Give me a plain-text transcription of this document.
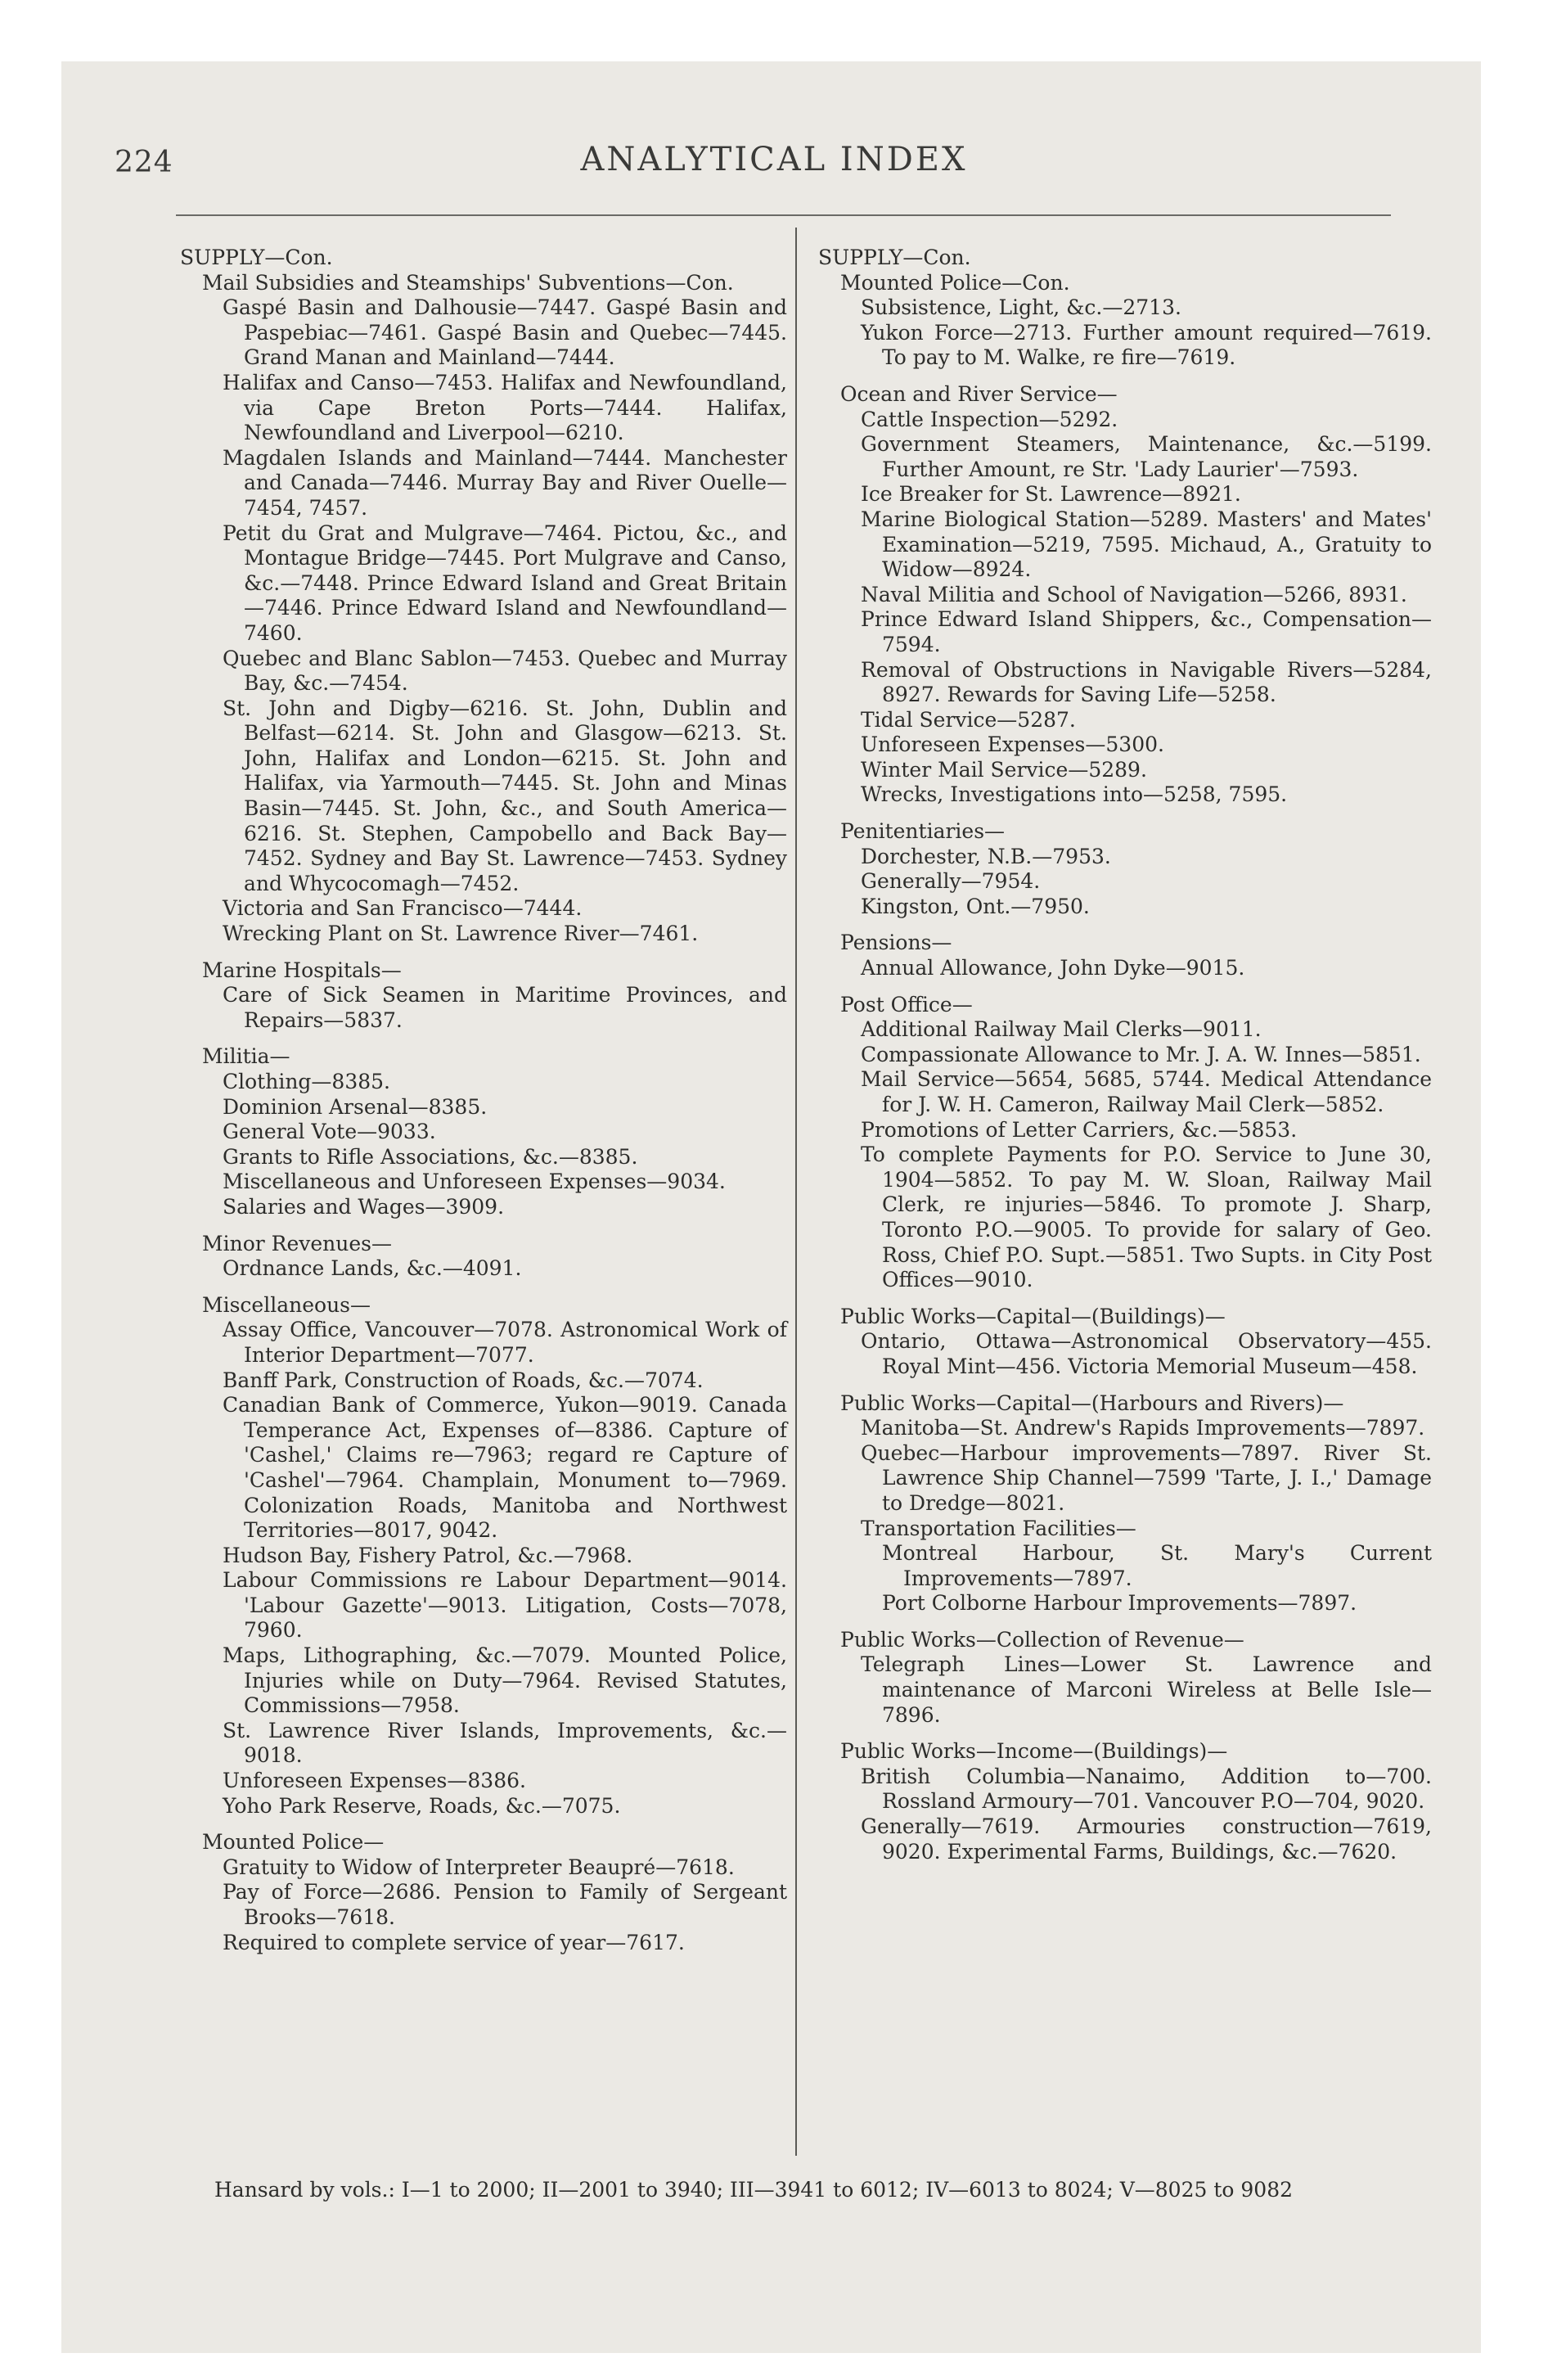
224	ANALYTICAL INDEX
SUPPLY—Con.
Mail Subsidies and Steamships' Subventions—Con.
Gaspé Basin and Dalhousie—7447. Gaspé Basin and Paspebiac—7461. Gaspé Basin and Quebec—7445. Grand Manan and Mainland—7444.
Halifax and Canso—7453. Halifax and Newfoundland, via Cape Breton Ports—7444. Halifax, Newfoundland and Liverpool—6210.
Magdalen Islands and Mainland—7444. Manchester and Canada—7446. Murray Bay and River Ouelle—7454, 7457.
Petit du Grat and Mulgrave—7464. Pictou, &c., and Montague Bridge—7445. Port Mulgrave and Canso, &c.—7448. Prince Edward Island and Great Britain—7446. Prince Edward Island and Newfoundland—7460.
Quebec and Blanc Sablon—7453. Quebec and Murray Bay, &c.—7454.
St. John and Digby—6216. St. John, Dublin and Belfast—6214. St. John and Glasgow—6213. St. John, Halifax and London—6215. St. John and Halifax, via Yarmouth—7445. St. John and Minas Basin—7445. St. John, &c., and South America—6216. St. Stephen, Campobello and Back Bay—7452. Sydney and Bay St. Lawrence—7453. Sydney and Whycocomagh—7452.
Victoria and San Francisco—7444.
Wrecking Plant on St. Lawrence River—7461.
Marine Hospitals—
Care of Sick Seamen in Maritime Provinces, and Repairs—5837.
Militia—
Clothing—8385.
Dominion Arsenal—8385.
General Vote—9033.
Grants to Rifle Associations, &c.—8385.
Miscellaneous and Unforeseen Expenses—9034.
Salaries and Wages—3909.
Minor Revenues—
Ordnance Lands, &c.—4091.
Miscellaneous—
Assay Office, Vancouver—7078. Astronomical Work of Interior Department—7077.
Banff Park, Construction of Roads, &c.—7074.
Canadian Bank of Commerce, Yukon—9019. Canada Temperance Act, Expenses of—8386. Capture of 'Cashel,' Claims re—7963; regard re Capture of 'Cashel'—7964. Champlain, Monument to—7969. Colonization Roads, Manitoba and Northwest Territories—8017, 9042.
Hudson Bay, Fishery Patrol, &c.—7968.
Labour Commissions re Labour Department—9014. 'Labour Gazette'—9013. Litigation, Costs—7078, 7960.
Maps, Lithographing, &c.—7079. Mounted Police, Injuries while on Duty—7964. Revised Statutes, Commissions—7958.
St. Lawrence River Islands, Improvements, &c.—9018.
Unforeseen Expenses—8386.
Yoho Park Reserve, Roads, &c.—7075.
Mounted Police—
Gratuity to Widow of Interpreter Beaupré—7618.
Pay of Force—2686. Pension to Family of Sergeant Brooks—7618.
Required to complete service of year—7617.
SUPPLY—Con.
Mounted Police—Con.
Subsistence, Light, &c.—2713.
Yukon Force—2713. Further amount required—7619. To pay to M. Walke, re fire—7619.
Ocean and River Service—
Cattle Inspection—5292.
Government Steamers, Maintenance, &c.—5199. Further Amount, re Str. 'Lady Laurier'—7593.
Ice Breaker for St. Lawrence—8921.
Marine Biological Station—5289. Masters' and Mates' Examination—5219, 7595. Michaud, A., Gratuity to Widow—8924.
Naval Militia and School of Navigation—5266, 8931.
Prince Edward Island Shippers, &c., Compensation—7594.
Removal of Obstructions in Navigable Rivers—5284, 8927. Rewards for Saving Life—5258.
Tidal Service—5287.
Unforeseen Expenses—5300.
Winter Mail Service—5289.
Wrecks, Investigations into—5258, 7595.
Penitentiaries—
Dorchester, N.B.—7953.
Generally—7954.
Kingston, Ont.—7950.
Pensions—
Annual Allowance, John Dyke—9015.
Post Office—
Additional Railway Mail Clerks—9011.
Compassionate Allowance to Mr. J. A. W. Innes—5851.
Mail Service—5654, 5685, 5744. Medical Attendance for J. W. H. Cameron, Railway Mail Clerk—5852.
Promotions of Letter Carriers, &c.—5853.
To complete Payments for P.O. Service to June 30, 1904—5852. To pay M. W. Sloan, Railway Mail Clerk, re injuries—5846. To promote J. Sharp, Toronto P.O.—9005. To provide for salary of Geo. Ross, Chief P.O. Supt.—5851. Two Supts. in City Post Offices—9010.
Public Works—Capital—(Buildings)—
Ontario, Ottawa—Astronomical Observatory—455. Royal Mint—456. Victoria Memorial Museum—458.
Public Works—Capital—(Harbours and Rivers)—
Manitoba—St. Andrew's Rapids Improvements—7897.
Quebec—Harbour improvements—7897. River St. Lawrence Ship Channel—7599 'Tarte, J. I.,' Damage to Dredge—8021.
Transportation Facilities—
Montreal Harbour, St. Mary's Current Improvements—7897.
Port Colborne Harbour Improvements—7897.
Public Works—Collection of Revenue—
Telegraph Lines—Lower St. Lawrence and maintenance of Marconi Wireless at Belle Isle—7896.
Public Works—Income—(Buildings)—
British Columbia—Nanaimo, Addition to—700. Rossland Armoury—701. Vancouver P.O—704, 9020.
Generally—7619. Armouries construction—7619, 9020. Experimental Farms, Buildings, &c.—7620.
Hansard by vols.: I—1 to 2000; II—2001 to 3940; III—3941 to 6012; IV—6013 to 8024; V—8025 to 9082
